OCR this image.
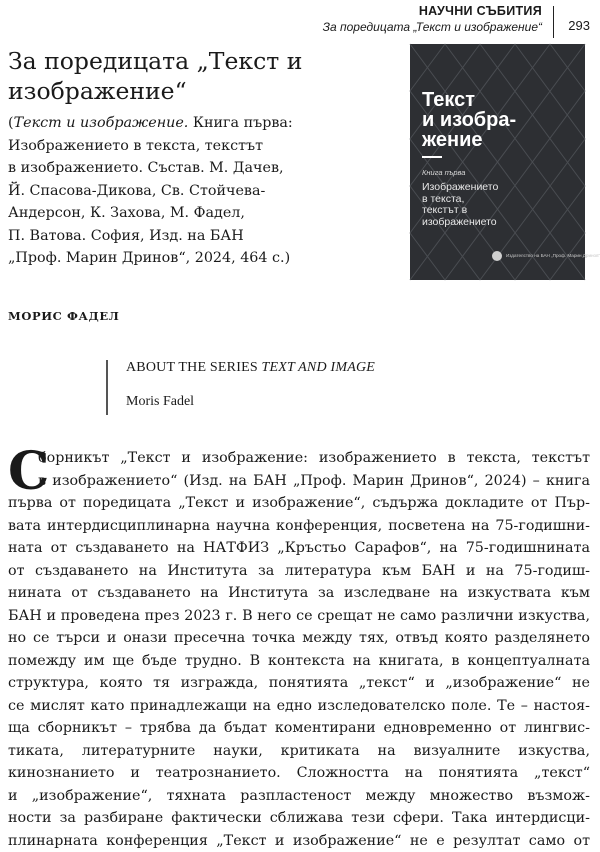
НАУЧНИ СЪБИТИЯ
За поредицата „Текст и изображение“ 293
За поредицата „Текст и
изображение“

(Текст и изображение. Книга първа:
Изображението в текста, текстът
в изображението. Състав. М. Дачев,
Й. Спасова-Дикова, Св. Стойчева-
Андерсон, К. Захова, М. Фадел,
П. Ватова. София, Изд. на БАН
„Проф. Марин Дринов“, 2024, 464 с.)

Текст
и изобра-
жение
Книга първа
Изображението
в текста,
текстът в
изображението
Издателство на БАН „Проф. Марин Дринов“
МОРИС ФАДЕЛ
ABOUT THE SERIES TEXT AND IMAGE
Moris Fadel
С
борникът „Текст и изображение: изображението в текста, текстът
в изображението“ (Изд. на БАН „Проф. Марин Дринов“, 2024) – книга
първа от поредицата „Текст и изображение“, съдържа докладите от Пър-
вата интердисциплинарна научна конференция, посветена на 75-годишни-
ната от създаването на НАТФИЗ „Кръстьо Сарафов“, на 75-годишнината
от създаването на Института за литература към БАН и на 75-годиш-
нината от създаването на Института за изследване на изкуствата към
БАН и проведена през 2023 г. В него се срещат не само различни изкуства,
но се търси и онази пресечна точка между тях, отвъд която разделянето
помежду им ще бъде трудно. В контекста на книгата, в концептуалната
структура, която тя изгражда, понятията „текст“ и „изображение“ не
се мислят като принадлежащи на едно изследователско поле. Те – настоя-
ща сборникът – трябва да бъдат коментирани едновременно от лингвис-
тиката, литературните науки, критиката на визуалните изкуства,
кинознанието и театрознанието. Сложността на понятията „текст“
и „изображение“, тяхната разпластеност между множество възмож-
ности за разбиране фактически сближава тези сфери. Така интердисци-
плинарната конференция „Текст и изображение“ не е резултат само от
